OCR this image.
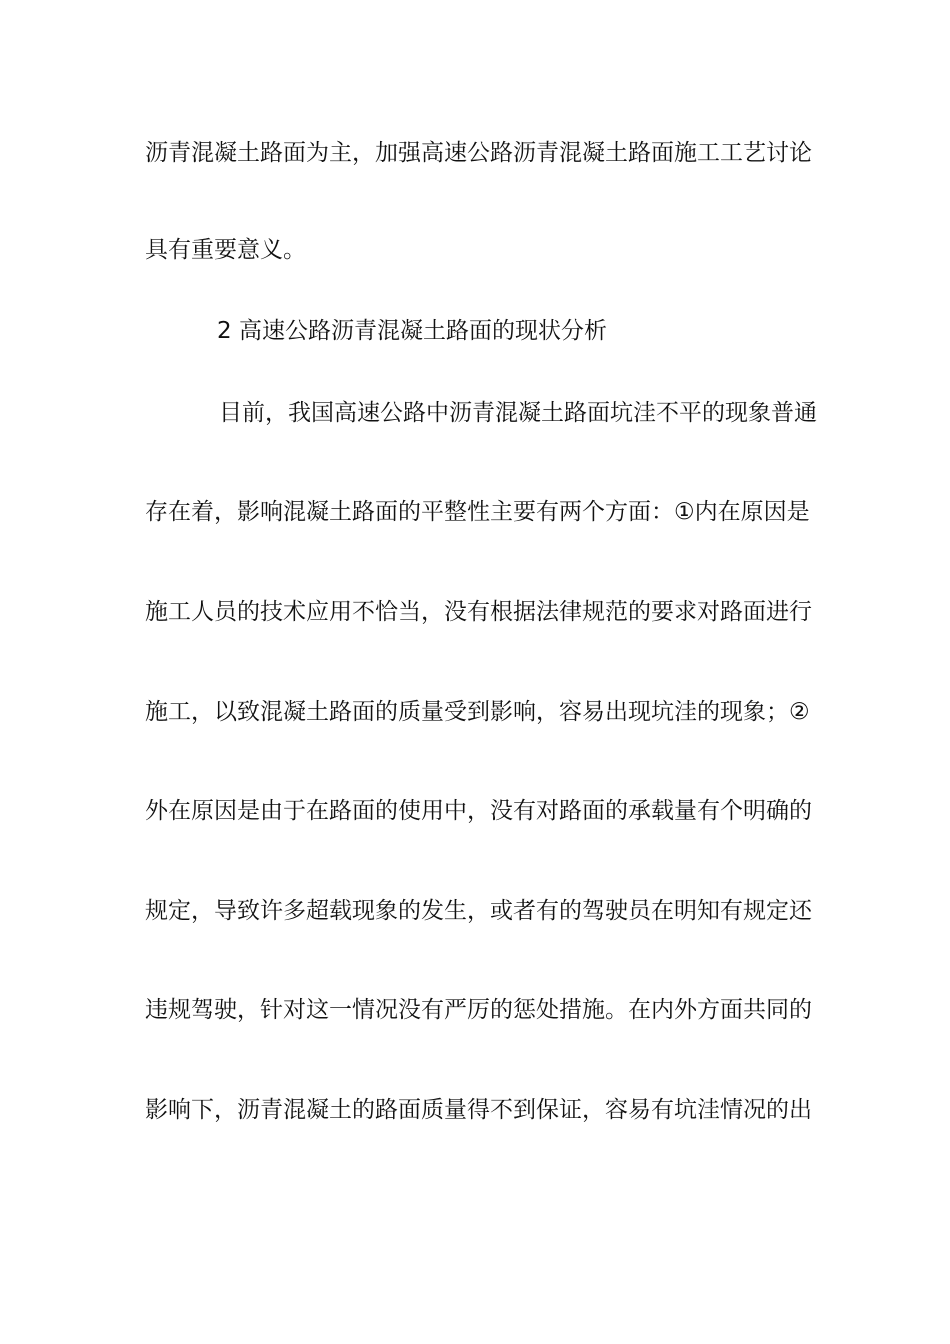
沥青混凝土路面为主，加强高速公路沥青混凝土路面施工工艺讨论
具有重要意义。
2 高速公路沥青混凝土路面的现状分析
目前，我国高速公路中沥青混凝土路面坑洼不平的现象普通
存在着，影响混凝土路面的平整性主要有两个方面：①内在原因是
施工人员的技术应用不恰当，没有根据法律规范的要求对路面进行
施工，以致混凝土路面的质量受到影响，容易出现坑洼的现象；②
外在原因是由于在路面的使用中，没有对路面的承载量有个明确的
规定，导致许多超载现象的发生，或者有的驾驶员在明知有规定还
违规驾驶，针对这一情况没有严厉的惩处措施。在内外方面共同的
影响下，沥青混凝土的路面质量得不到保证，容易有坑洼情况的出
